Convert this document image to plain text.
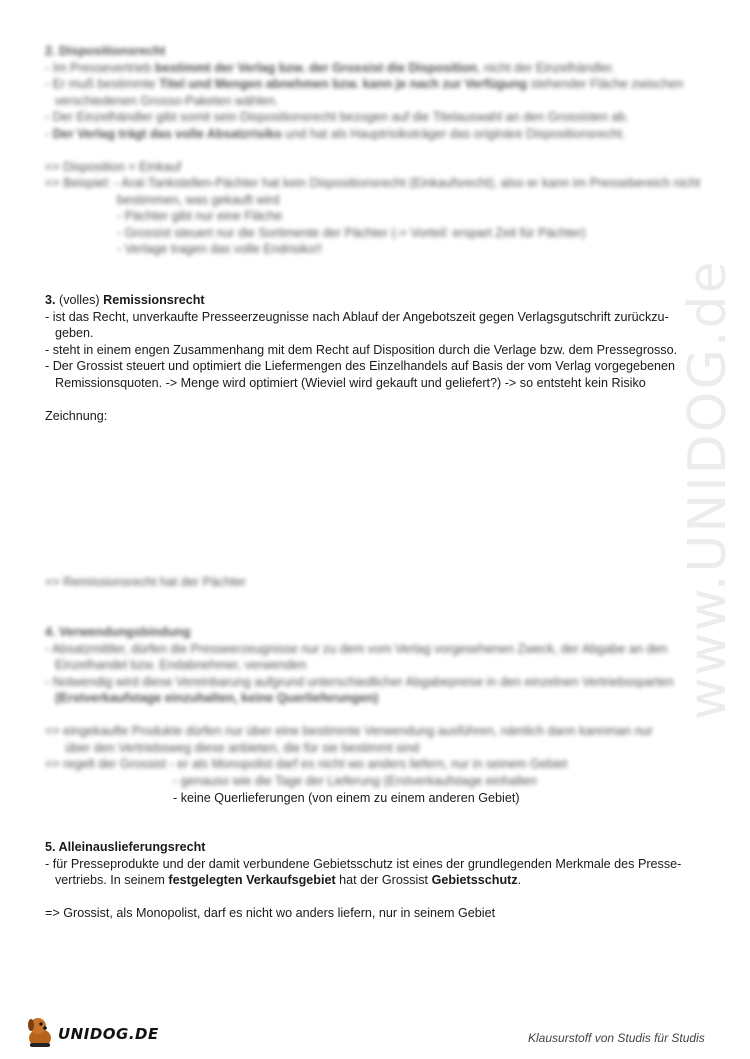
www.UNIDOG.de
2. Dispositionsrecht
- Im Pressevertrieb bestimmt der Verlag bzw. der Grossist die Disposition, nicht der Einzelhändler.
- Er muß bestimmte Titel und Mengen abnehmen bzw. kann je nach zur Verfügung stehender Fläche zwischen
verschiedenen Grosso-Paketen wählen.
- Der Einzelhändler gibt somit sein Dispositionsrecht bezogen auf die Titelauswahl an den Grossisten ab.
- Der Verlag trägt das volle Absatzrisiko und hat als Hauptrisikoträger das originäre Dispositionsrecht.
=> Disposition = Einkauf
=> Beispiel: - Aral-Tankstellen-Pächter hat kein Dispositionsrecht (Einkaufsrecht), also er kann im Pressebereich nicht
bestimmen, was gekauft wird
- Pächter gibt nur eine Fläche
- Grossist steuert nur die Sortimente der Pächter (-> Vorteil: erspart Zeit für Pächter)
- Verlage tragen das volle Endrisiko!!
3. (volles) Remissionsrecht
- ist das Recht, unverkaufte Presseerzeugnisse nach Ablauf der Angebotszeit gegen Verlagsgutschrift zurückzu-
geben.
- steht in einem engen Zusammenhang mit dem Recht auf Disposition durch die Verlage bzw. dem Pressegrosso.
- Der Grossist steuert und optimiert die Liefermengen des Einzelhandels auf Basis der vom Verlag vorgegebenen
Remissionsquoten. -> Menge wird optimiert (Wieviel wird gekauft und geliefert?) -> so entsteht kein Risiko
Zeichnung:
=> Remissionsrecht hat der Pächter
4. Verwendungsbindung
- Absatzmittler, dürfen die Presseerzeugnisse nur zu dem vom Verlag vorgesehenen Zweck, der Abgabe an den
Einzelhandel bzw. Endabnehmer, verwenden
- Notwendig wird diese Vereinbarung aufgrund unterschiedlicher Abgabepreise in den einzelnen Vertriebssparten
(Erstverkaufstage einzuhalten, keine Querlieferungen)
=> eingekaufte Produkte dürfen nur über eine bestimmte Verwendung ausführen, nämlich dann kannman nur
über den Vertriebsweg diese anbieten, die für sie bestimmt sind
=> regelt der Grossist - er als Monopolist darf es nicht wo anders liefern, nur in seinem Gebiet
- genauso wie die Tage der Lieferung (Erstverkaufstage einhalten
- keine Querlieferungen (von einem zu einem anderen Gebiet)
5. Alleinauslieferungsrecht
- für Presseprodukte und der damit verbundene Gebietsschutz ist eines der grundlegenden Merkmale des Presse-
vertriebs. In seinem festgelegten Verkaufsgebiet hat der Grossist Gebietsschutz.
=> Grossist, als Monopolist, darf es nicht wo anders liefern, nur in seinem Gebiet
UNIDOG.DE	Klausurstoff von Studis für Studis
